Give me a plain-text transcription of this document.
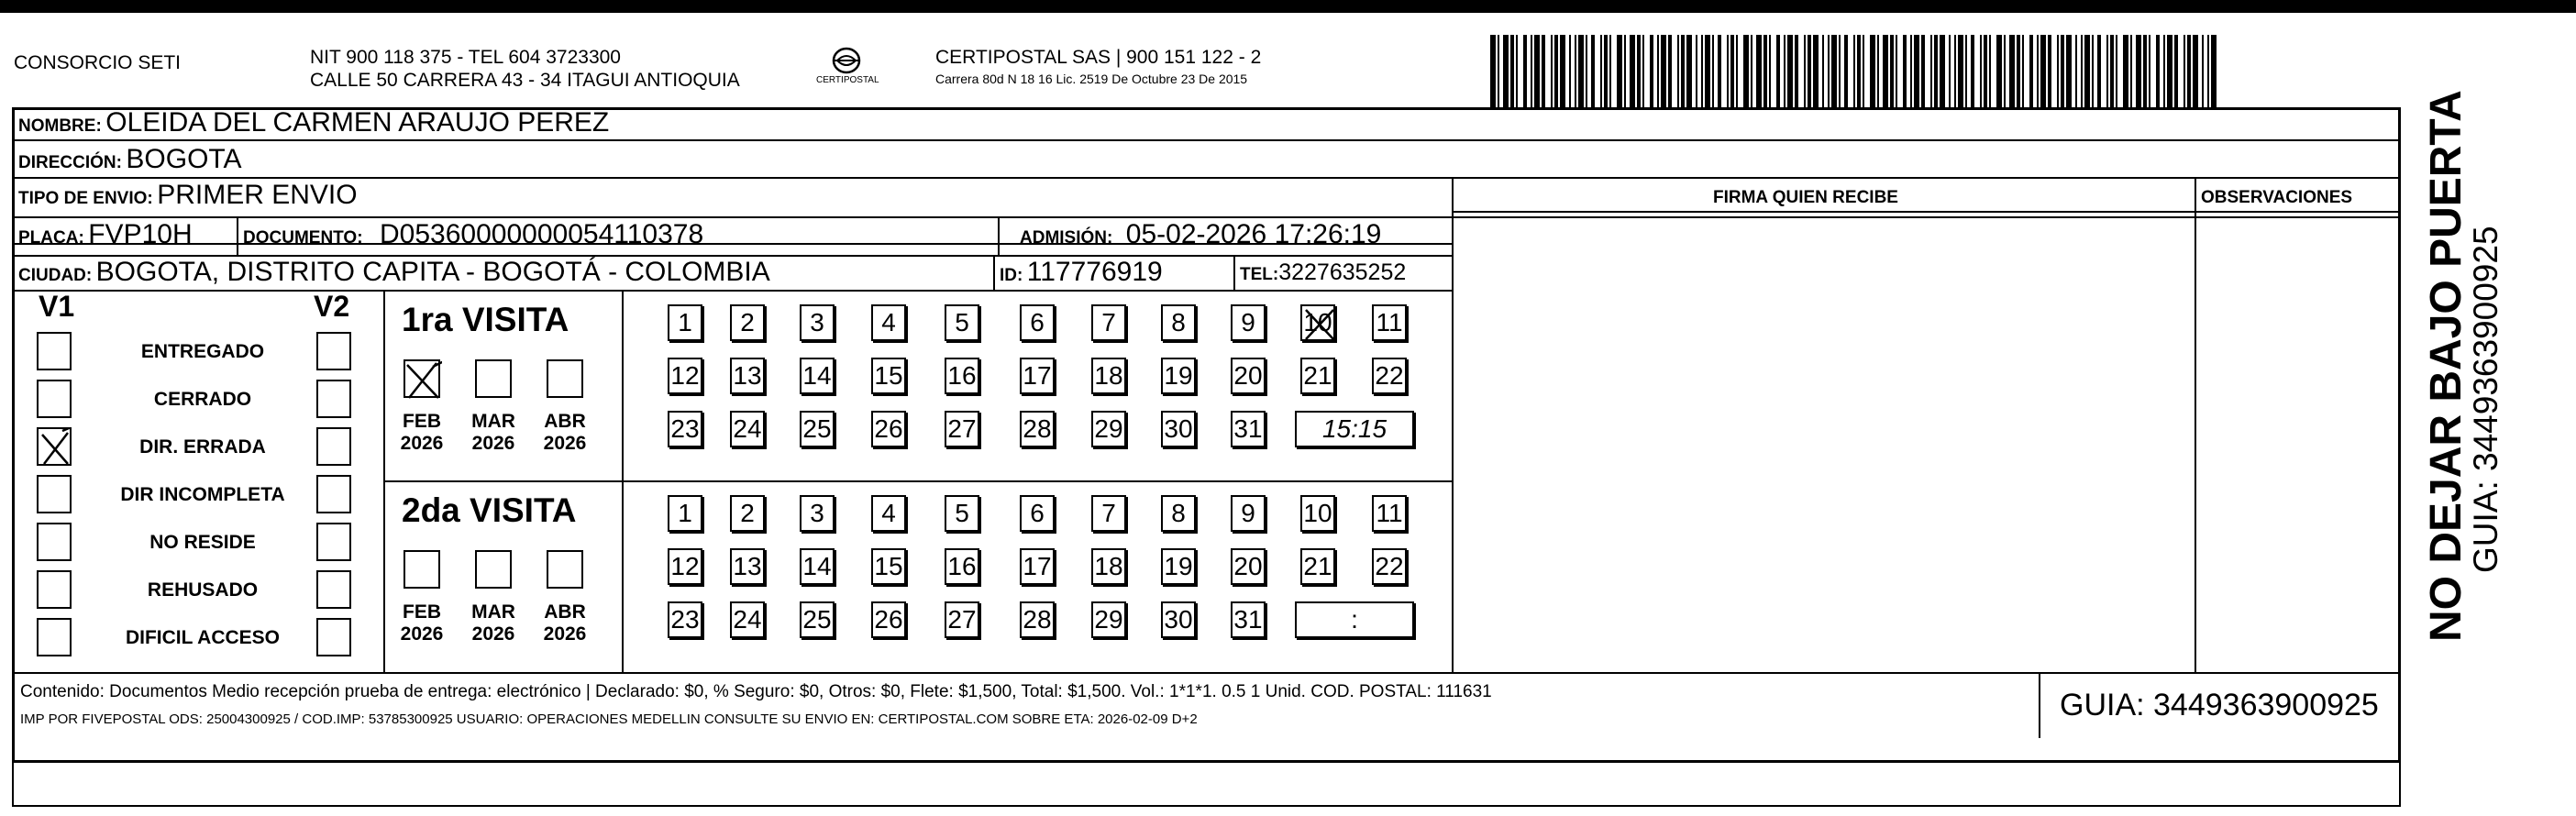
CONSORCIO SETI	NIT 900 118 375 - TEL 604 3723300
CALLE 50 CARRERA 43 - 34 ITAGUI ANTIOQUIA	CERTIPOSTAL
CERTIPOSTAL SAS | 900 151 122 - 2
Carrera 80d N 18 16 Lic. 2519 De Octubre 23 De 2015
NOMBRE: OLEIDA DEL CARMEN ARAUJO PEREZ
DIRECCIÓN: BOGOTA
TIPO DE ENVIO: PRIMER ENVIO	FIRMA QUIEN RECIBE	OBSERVACIONES
PLACA: FVP10H	DOCUMENTO: D05360000000054110378	ADMISIÓN: 05-02-2026 17:26:19
CIUDAD: BOGOTA, DISTRITO CAPITA - BOGOTÁ - COLOMBIA	ID: 117776919	TEL:3227635252
V1	V2
ENTREGADO
CERRADO
DIR. ERRADA
DIR INCOMPLETA
NO RESIDE
REHUSADO
DIFICIL ACCESO
1ra VISITA
FEB
2026
MAR
2026
ABR
2026
1	2	3	4	5	6	7	8	9	10 11
12 13 14 15 16 17 18 19 20 21 22
23 24 25 26 27 28 29 30 31	15:15
2da VISITA
FEB
2026
MAR
2026
ABR
2026
1	2	3	4	5	6	7	8	9	10 11
12 13 14 15 16 17 18 19 20 21 22
23 24 25 26 27 28 29 30 31	:
Contenido: Documentos Medio recepción prueba de entrega: electrónico | Declarado: $0, % Seguro: $0, Otros: $0, Flete: $1,500, Total: $1,500. Vol.: 1*1*1. 0.5 1 Unid. COD. POSTAL: 111631
IMP POR FIVEPOSTAL ODS: 25004300925 / COD.IMP: 53785300925 USUARIO: OPERACIONES MEDELLIN CONSULTE SU ENVIO EN: CERTIPOSTAL.COM SOBRE ETA: 2026-02-09 D+2	GUIA: 3449363900925
NO DEJAR BAJO PUERTA
GUIA: 3449363900925
